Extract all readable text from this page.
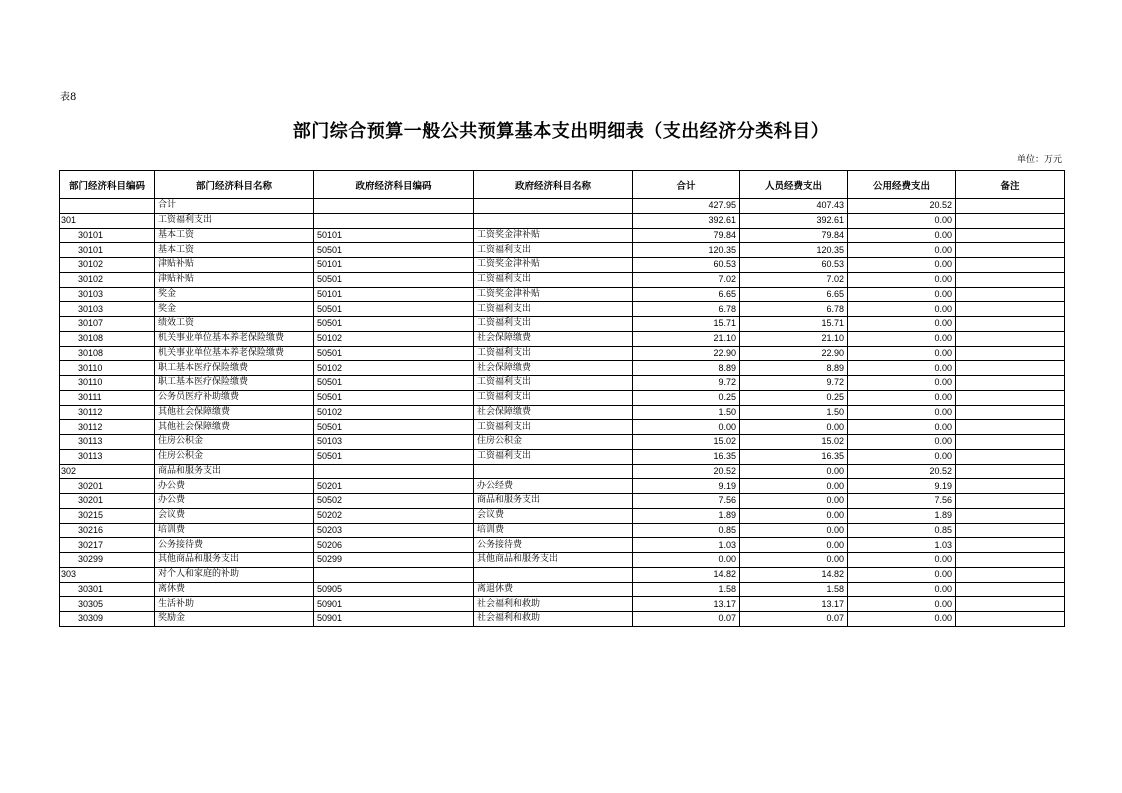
表8
部门综合预算一般公共预算基本支出明细表（支出经济分类科目）
单位：万元
部门经济科目编码	部门经济科目名称	政府经济科目编码	政府经济科目名称	合计	人员经费支出	公用经费支出	备注
	合计			427.95	407.43	20.52	
301	工资福利支出			392.61	392.61	0.00	
30101	基本工资	50101	工资奖金津补贴	79.84	79.84	0.00	
30101	基本工资	50501	工资福利支出	120.35	120.35	0.00	
30102	津贴补贴	50101	工资奖金津补贴	60.53	60.53	0.00	
30102	津贴补贴	50501	工资福利支出	7.02	7.02	0.00	
30103	奖金	50101	工资奖金津补贴	6.65	6.65	0.00	
30103	奖金	50501	工资福利支出	6.78	6.78	0.00	
30107	绩效工资	50501	工资福利支出	15.71	15.71	0.00	
30108	机关事业单位基本养老保险缴费	50102	社会保障缴费	21.10	21.10	0.00	
30108	机关事业单位基本养老保险缴费	50501	工资福利支出	22.90	22.90	0.00	
30110	职工基本医疗保险缴费	50102	社会保障缴费	8.89	8.89	0.00	
30110	职工基本医疗保险缴费	50501	工资福利支出	9.72	9.72	0.00	
30111	公务员医疗补助缴费	50501	工资福利支出	0.25	0.25	0.00	
30112	其他社会保障缴费	50102	社会保障缴费	1.50	1.50	0.00	
30112	其他社会保障缴费	50501	工资福利支出	0.00	0.00	0.00	
30113	住房公积金	50103	住房公积金	15.02	15.02	0.00	
30113	住房公积金	50501	工资福利支出	16.35	16.35	0.00	
302	商品和服务支出			20.52	0.00	20.52	
30201	办公费	50201	办公经费	9.19	0.00	9.19	
30201	办公费	50502	商品和服务支出	7.56	0.00	7.56	
30215	会议费	50202	会议费	1.89	0.00	1.89	
30216	培训费	50203	培训费	0.85	0.00	0.85	
30217	公务接待费	50206	公务接待费	1.03	0.00	1.03	
30299	其他商品和服务支出	50299	其他商品和服务支出	0.00	0.00	0.00	
303	对个人和家庭的补助			14.82	14.82	0.00	
30301	离休费	50905	离退休费	1.58	1.58	0.00	
30305	生活补助	50901	社会福利和救助	13.17	13.17	0.00	
30309	奖励金	50901	社会福利和救助	0.07	0.07	0.00	
